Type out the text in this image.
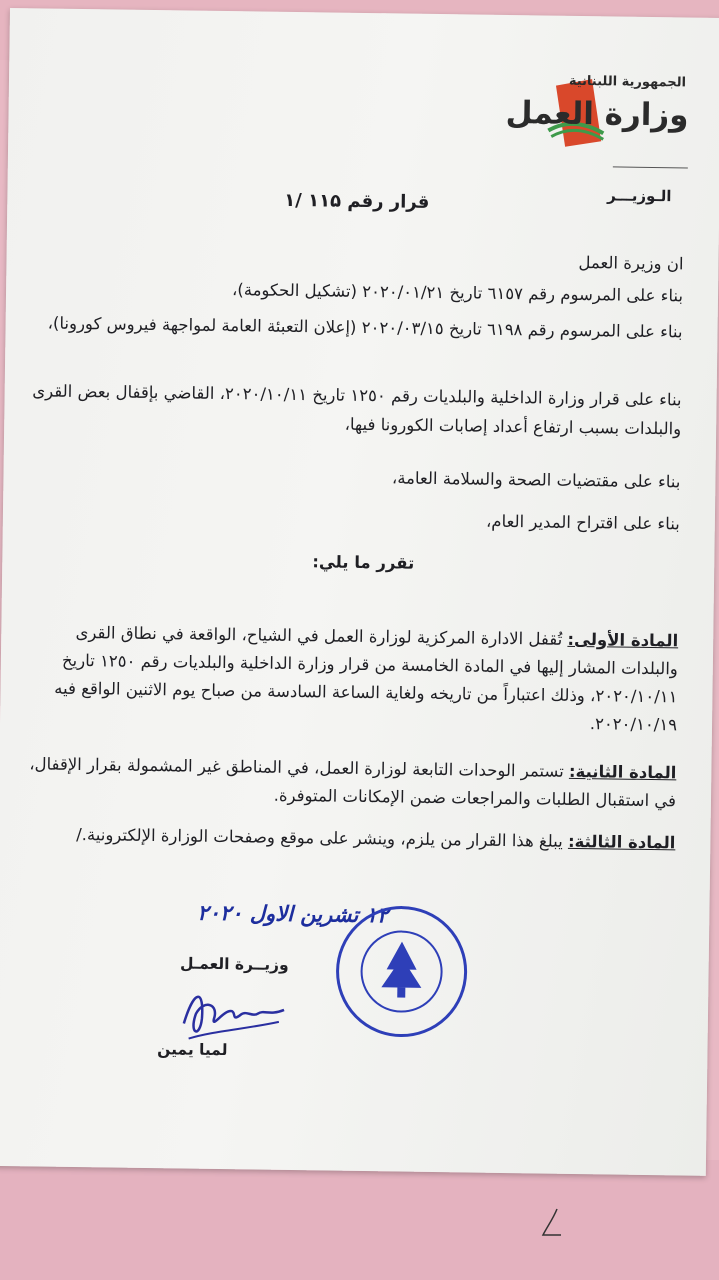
الجمهورية اللبنانية
وزارة العمل
الـوزيـــر
قرار رقم ۱۱۵ /۱
ان وزيرة العمل
بناء على المرسوم رقم ٦١٥٧ تاريخ ٢٠٢٠/٠١/٢١ (تشكيل الحكومة)،
بناء على المرسوم رقم ٦١٩٨ تاريخ ٢٠٢٠/٠٣/١٥ (إعلان التعبئة العامة لمواجهة فيروس كورونا)،
بناء على قرار وزارة الداخلية والبلديات رقم ١٢٥٠ تاريخ ٢٠٢٠/١٠/١١، القاضي بإقفال بعض القرى والبلدات بسبب ارتفاع أعداد إصابات الكورونا فيها،
بناء على مقتضيات الصحة والسلامة العامة،
بناء على اقتراح المدير العام،
تقرر ما يلي:
المادة الأولى: تُقفل الادارة المركزية لوزارة العمل في الشياح، الواقعة في نطاق القرى والبلدات المشار إليها في المادة الخامسة من قرار وزارة الداخلية والبلديات رقم ١٢٥٠ تاريخ ٢٠٢٠/١٠/١١، وذلك اعتباراً من تاريخه ولغاية الساعة السادسة من صباح يوم الاثنين الواقع فيه ٢٠٢٠/١٠/١٩.
المادة الثانية: تستمر الوحدات التابعة لوزارة العمل، في المناطق غير المشمولة بقرار الإقفال، في استقبال الطلبات والمراجعات ضمن الإمكانات المتوفرة.
المادة الثالثة: يبلغ هذا القرار من يلزم، وينشر على موقع وصفحات الوزارة الإلكترونية./
١٢ تشرين الاول ٢٠٢٠
وزيــرة العمـل
لميا يمين
